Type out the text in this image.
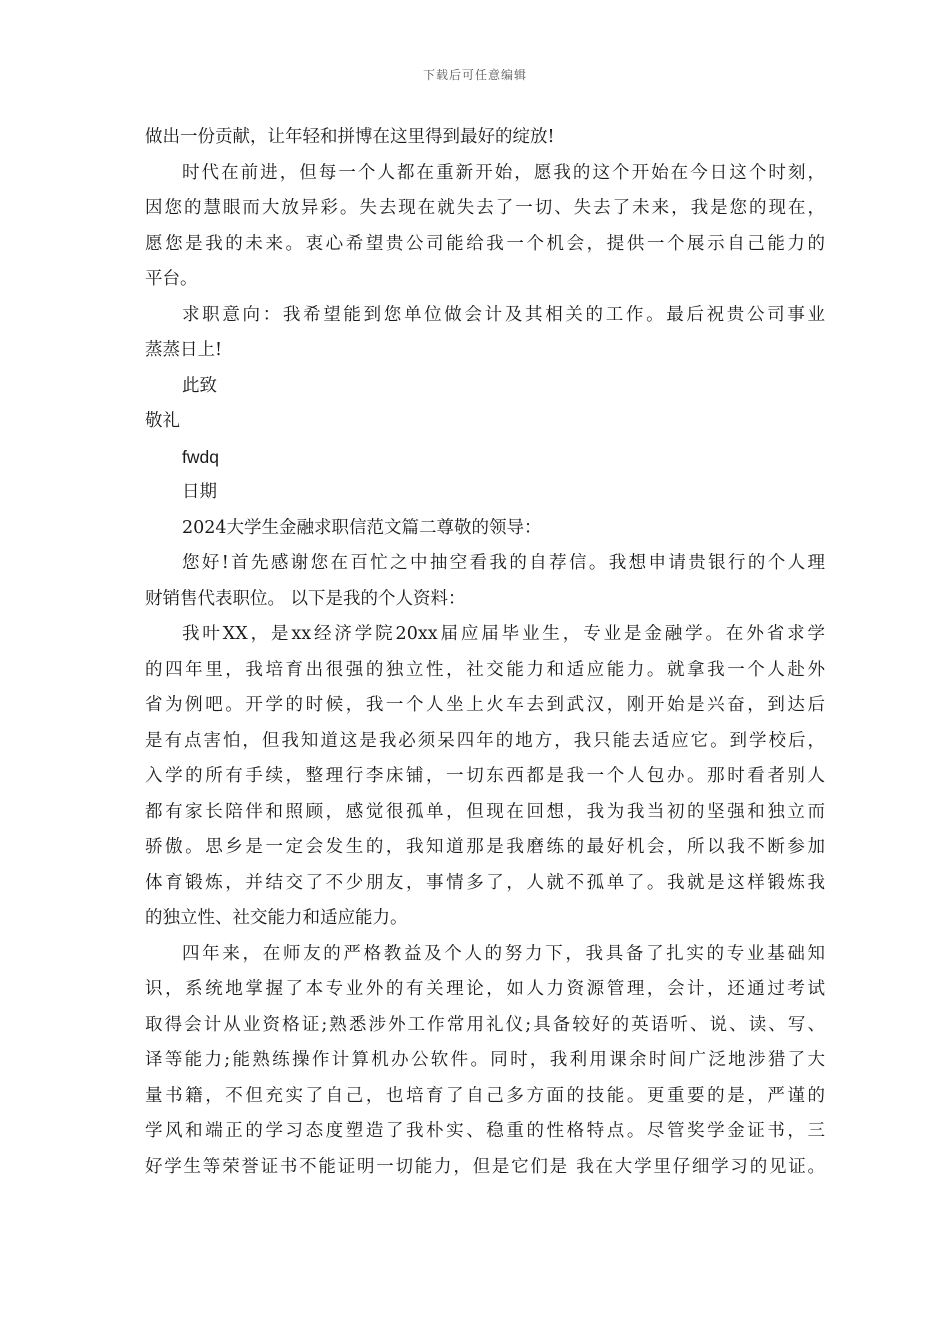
下载后可任意编辑
做出一份贡献，让年轻和拼博在这里得到最好的绽放!
时代在前进，但每一个人都在重新开始，愿我的这个开始在今日这个时刻，
因您的慧眼而大放异彩。失去现在就失去了一切、失去了未来，我是您的现在，
愿您是我的未来。衷心希望贵公司能给我一个机会，提供一个展示自己能力的
平台。
求职意向：我希望能到您单位做会计及其相关的工作。最后祝贵公司事业
蒸蒸日上!
此致
敬礼
fwdq
日期
2024大学生金融求职信范文篇二尊敬的领导：
您好!首先感谢您在百忙之中抽空看我的自荐信。我想申请贵银行的个人理
财销售代表职位。 以下是我的个人资料：
我叶XX，是xx经济学院20xx届应届毕业生，专业是金融学。在外省求学
的四年里，我培育出很强的独立性，社交能力和适应能力。就拿我一个人赴外
省为例吧。开学的时候，我一个人坐上火车去到武汉，刚开始是兴奋，到达后
是有点害怕，但我知道这是我必须呆四年的地方，我只能去适应它。到学校后，
入学的所有手续，整理行李床铺，一切东西都是我一个人包办。那时看者别人
都有家长陪伴和照顾，感觉很孤单，但现在回想，我为我当初的坚强和独立而
骄傲。思乡是一定会发生的，我知道那是我磨练的最好机会，所以我不断参加
体育锻炼，并结交了不少朋友，事情多了，人就不孤单了。我就是这样锻炼我
的独立性、社交能力和适应能力。
四年来，在师友的严格教益及个人的努力下，我具备了扎实的专业基础知
识，系统地掌握了本专业外的有关理论，如人力资源管理，会计，还通过考试
取得会计从业资格证;熟悉涉外工作常用礼仪;具备较好的英语听、说、读、写、
译等能力;能熟练操作计算机办公软件。同时，我利用课余时间广泛地涉猎了大
量书籍，不但充实了自己，也培育了自己多方面的技能。更重要的是，严谨的
学风和端正的学习态度塑造了我朴实、稳重的性格特点。尽管奖学金证书，三
好学生等荣誉证书不能证明一切能力，但是它们是 我在大学里仔细学习的见证。
